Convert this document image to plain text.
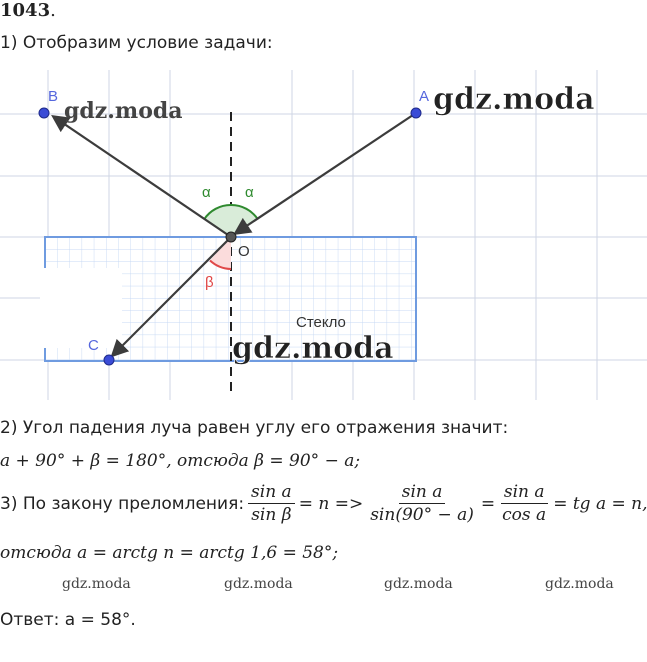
1043.
1) Отобразим условие задачи:
B	A
C
O
α α
β
Стекло
gdz.moda	gdz.moda
gdz.moda
2) Угол падения луча равен углу его отражения значит:
a + 90° + β = 180°, отсюда β = 90° − a;
3) По закону преломления: $\frac{\text{sin a}}{\text{sin β}} = n => \frac{\text{sin a}}{\sin(90^\circ - a)} = \frac{\text{sin a}}{\text{cos a}}$ = tg a = n,
отсюда a = arctg n = arctg 1,6 = 58°;
gdz.moda	gdz.moda	gdz.moda	gdz.moda
Ответ: a = 58°.
